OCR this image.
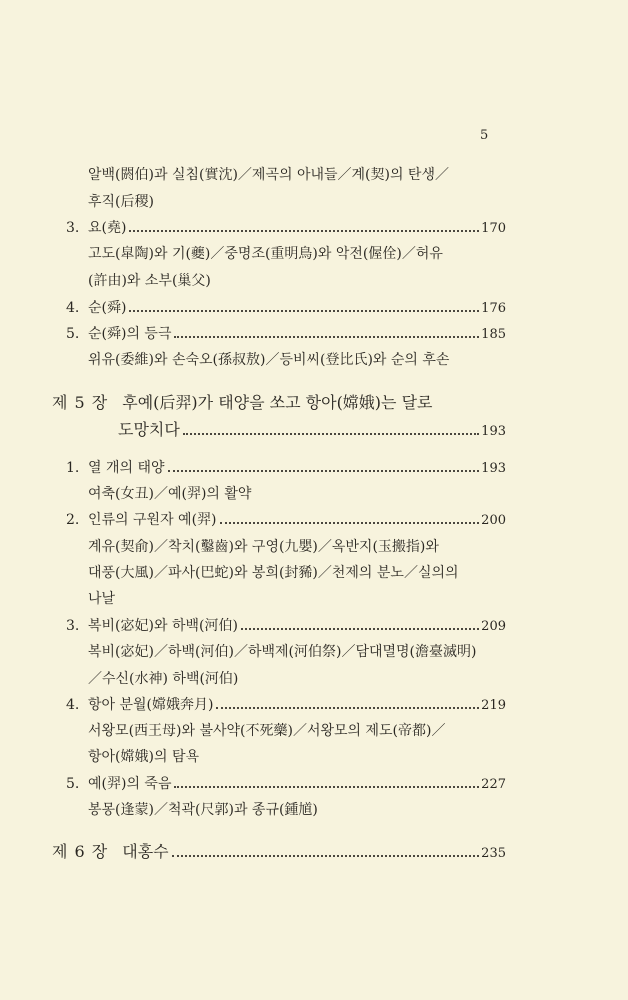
5
알백(閼伯)과 실침(實沈)／제곡의 아내들／계(契)의 탄생／
후직(后稷)
3. 요(堯)	170
고도(皐陶)와 기(夔)／중명조(重明鳥)와 악전(偓佺)／허유
(許由)와 소부(巢父)
4. 순(舜)	176
5. 순(舜)의 등극	185
위유(委維)와 손숙오(孫叔敖)／등비씨(登比氏)와 순의 후손
제 5 장 후예(后羿)가 태양을 쏘고 항아(嫦娥)는 달로
도망치다	193
1. 열 개의 태양	193
여축(女丑)／예(羿)의 활약
2. 인류의 구원자 예(羿)	200
계유(契俞)／착치(鑿齒)와 구영(九嬰)／옥반지(玉搬指)와
대풍(大風)／파사(巴蛇)와 봉희(封豨)／천제의 분노／실의의
나날
3. 복비(宓妃)와 하백(河伯)	209
복비(宓妃)／하백(河伯)／하백제(河伯祭)／담대멸명(澹臺滅明)
／수신(水神) 하백(河伯)
4. 항아 분월(嫦娥奔月)	219
서왕모(西王母)와 불사약(不死藥)／서왕모의 제도(帝都)／
항아(嫦娥)의 탐욕
5. 예(羿)의 죽음	227
봉몽(逢蒙)／척곽(尺郭)과 종규(鍾馗)
제 6 장 대홍수	235
